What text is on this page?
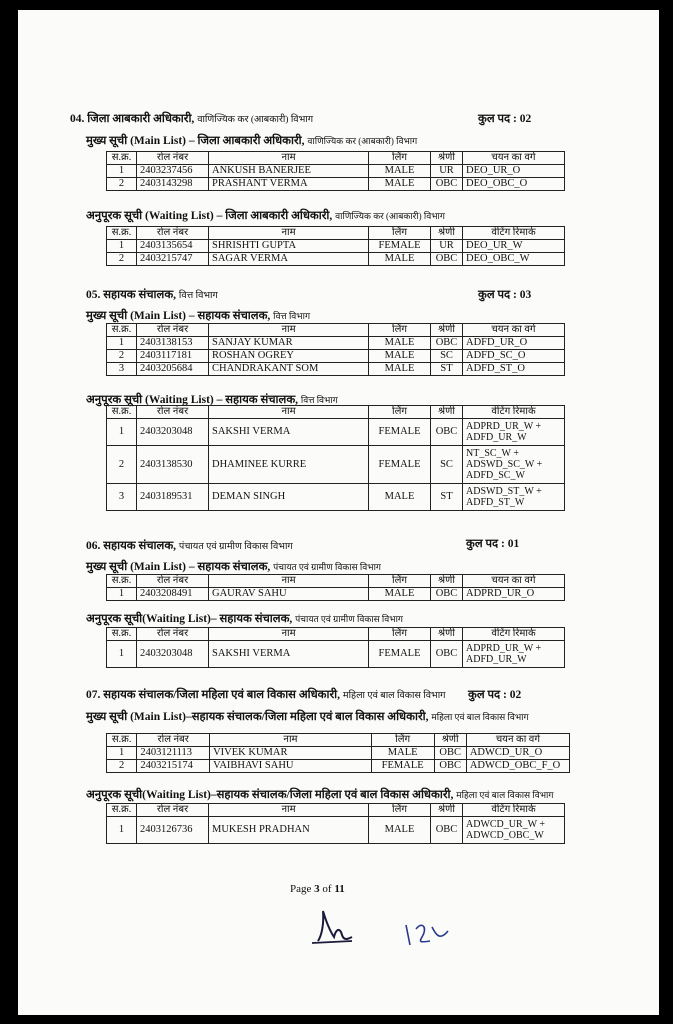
04. जिला आबकारी अधिकारी, वाणिज्यिक कर (आबकारी) विभाग	कुल पद : 02
मुख्य सूची (Main List) – जिला आबकारी अधिकारी, वाणिज्यिक कर (आबकारी) विभाग
स.क्र.	रोल नंबर	नाम	लिंग	श्रेणी	चयन का वर्ग
1	2403237456	ANKUSH BANERJEE	MALE	UR	DEO_UR_O
2	2403143298	PRASHANT VERMA	MALE	OBC	DEO_OBC_O
अनुपूरक सूची (Waiting List) – जिला आबकारी अधिकारी, वाणिज्यिक कर (आबकारी) विभाग
स.क्र.	रोल नंबर	नाम	लिंग	श्रेणी	वेटिंग रिमार्क
1	2403135654	SHRISHTI GUPTA	FEMALE	UR	DEO_UR_W
2	2403215747	SAGAR VERMA	MALE	OBC	DEO_OBC_W
05. सहायक संचालक, वित्त विभाग	कुल पद : 03
मुख्य सूची (Main List) – सहायक संचालक, वित्त विभाग
स.क्र.	रोल नंबर	नाम	लिंग	श्रेणी	चयन का वर्ग
1	2403138153	SANJAY KUMAR	MALE	OBC	ADFD_UR_O
2	2403117181	ROSHAN OGREY	MALE	SC	ADFD_SC_O
3	2403205684	CHANDRAKANT SOM	MALE	ST	ADFD_ST_O
अनुपूरक सूची (Waiting List) – सहायक संचालक, वित्त विभाग
स.क्र.	रोल नंबर	नाम	लिंग	श्रेणी	वेटिंग रिमार्क
1	2403203048	SAKSHI VERMA	FEMALE	OBC	ADPRD_UR_W +
ADFD_UR_W
2	2403138530	DHAMINEE KURRE	FEMALE	SC	NT_SC_W +
ADSWD_SC_W +
ADFD_SC_W
3	2403189531	DEMAN SINGH	MALE	ST	ADSWD_ST_W +
ADFD_ST_W
06. सहायक संचालक, पंचायत एवं ग्रामीण विकास विभाग	कुल पद : 01
मुख्य सूची (Main List) – सहायक संचालक, पंचायत एवं ग्रामीण विकास विभाग
स.क्र.	रोल नंबर	नाम	लिंग	श्रेणी	चयन का वर्ग
1	2403208491	GAURAV SAHU	MALE	OBC	ADPRD_UR_O
अनुपूरक सूची(Waiting List)– सहायक संचालक, पंचायत एवं ग्रामीण विकास विभाग
स.क्र.	रोल नंबर	नाम	लिंग	श्रेणी	वेटिंग रिमार्क
1	2403203048	SAKSHI VERMA	FEMALE	OBC	ADPRD_UR_W +
ADFD_UR_W
07. सहायक संचालक/जिला महिला एवं बाल विकास अधिकारी, महिला एवं बाल विकास विभाग कुल पद : 02
मुख्य सूची (Main List)–सहायक संचालक/जिला महिला एवं बाल विकास अधिकारी, महिला एवं बाल विकास विभाग
स.क्र.	रोल नंबर	नाम	लिंग	श्रेणी	चयन का वर्ग
1	2403121113	VIVEK KUMAR	MALE	OBC	ADWCD_UR_O
2	2403215174	VAIBHAVI SAHU	FEMALE	OBC	ADWCD_OBC_F_O
अनुपूरक सूची(Waiting List)–सहायक संचालक/जिला महिला एवं बाल विकास अधिकारी, महिला एवं बाल विकास विभाग
स.क्र.	रोल नंबर	नाम	लिंग	श्रेणी	वेटिंग रिमार्क
1	2403126736	MUKESH PRADHAN	MALE	OBC	ADWCD_UR_W +
ADWCD_OBC_W
Page 3 of 11
